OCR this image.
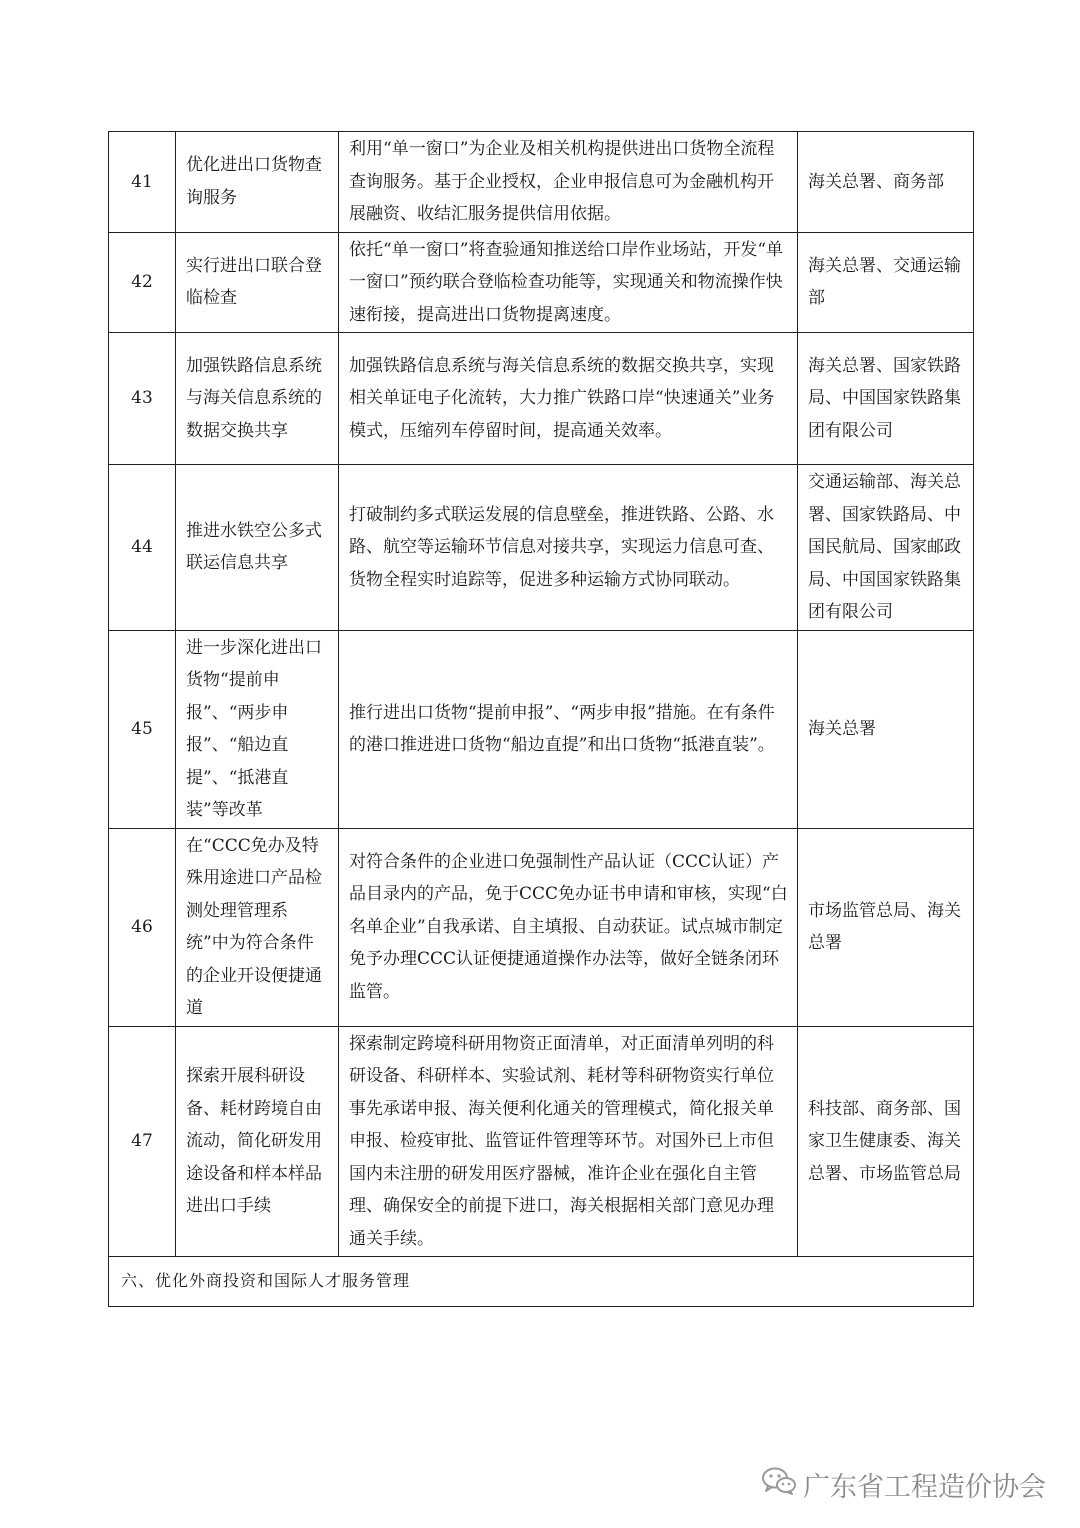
41	优化进出口货物查询服务	利用“单一窗口”为企业及相关机构提供进出口货物全流程查询服务。基于企业授权，企业申报信息可为金融机构开展融资、收结汇服务提供信用依据。	海关总署、商务部
42	实行进出口联合登临检查	依托“单一窗口”将查验通知推送给口岸作业场站，开发“单一窗口”预约联合登临检查功能等，实现通关和物流操作快速衔接，提高进出口货物提离速度。	海关总署、交通运输部
43	加强铁路信息系统与海关信息系统的数据交换共享	加强铁路信息系统与海关信息系统的数据交换共享，实现相关单证电子化流转，大力推广铁路口岸“快速通关”业务模式，压缩列车停留时间，提高通关效率。	海关总署、国家铁路局、中国国家铁路集团有限公司
44	推进水铁空公多式联运信息共享	打破制约多式联运发展的信息壁垒，推进铁路、公路、水路、航空等运输环节信息对接共享，实现运力信息可查、货物全程实时追踪等，促进多种运输方式协同联动。	交通运输部、海关总署、国家铁路局、中国民航局、国家邮政局、中国国家铁路集团有限公司
45	进一步深化进出口货物“提前申报”、“两步申报”、“船边直提”、“抵港直装”等改革	推行进出口货物“提前申报”、“两步申报”措施。在有条件的港口推进进口货物“船边直提”和出口货物“抵港直装”。	海关总署
46	在“CCC免办及特殊用途进口产品检测处理管理系统”中为符合条件的企业开设便捷通道	对符合条件的企业进口免强制性产品认证（CCC认证）产品目录内的产品，免于CCC免办证书申请和审核，实现“白名单企业”自我承诺、自主填报、自动获证。试点城市制定免予办理CCC认证便捷通道操作办法等，做好全链条闭环监管。	市场监管总局、海关总署
47	探索开展科研设备、耗材跨境自由流动，简化研发用途设备和样本样品进出口手续	探索制定跨境科研用物资正面清单，对正面清单列明的科研设备、科研样本、实验试剂、耗材等科研物资实行单位事先承诺申报、海关便利化通关的管理模式，简化报关单申报、检疫审批、监管证件管理等环节。对国外已上市但国内未注册的研发用医疗器械，准许企业在强化自主管理、确保安全的前提下进口，海关根据相关部门意见办理通关手续。	科技部、商务部、国家卫生健康委、海关总署、市场监管总局
六、优化外商投资和国际人才服务管理			
广东省工程造价协会
